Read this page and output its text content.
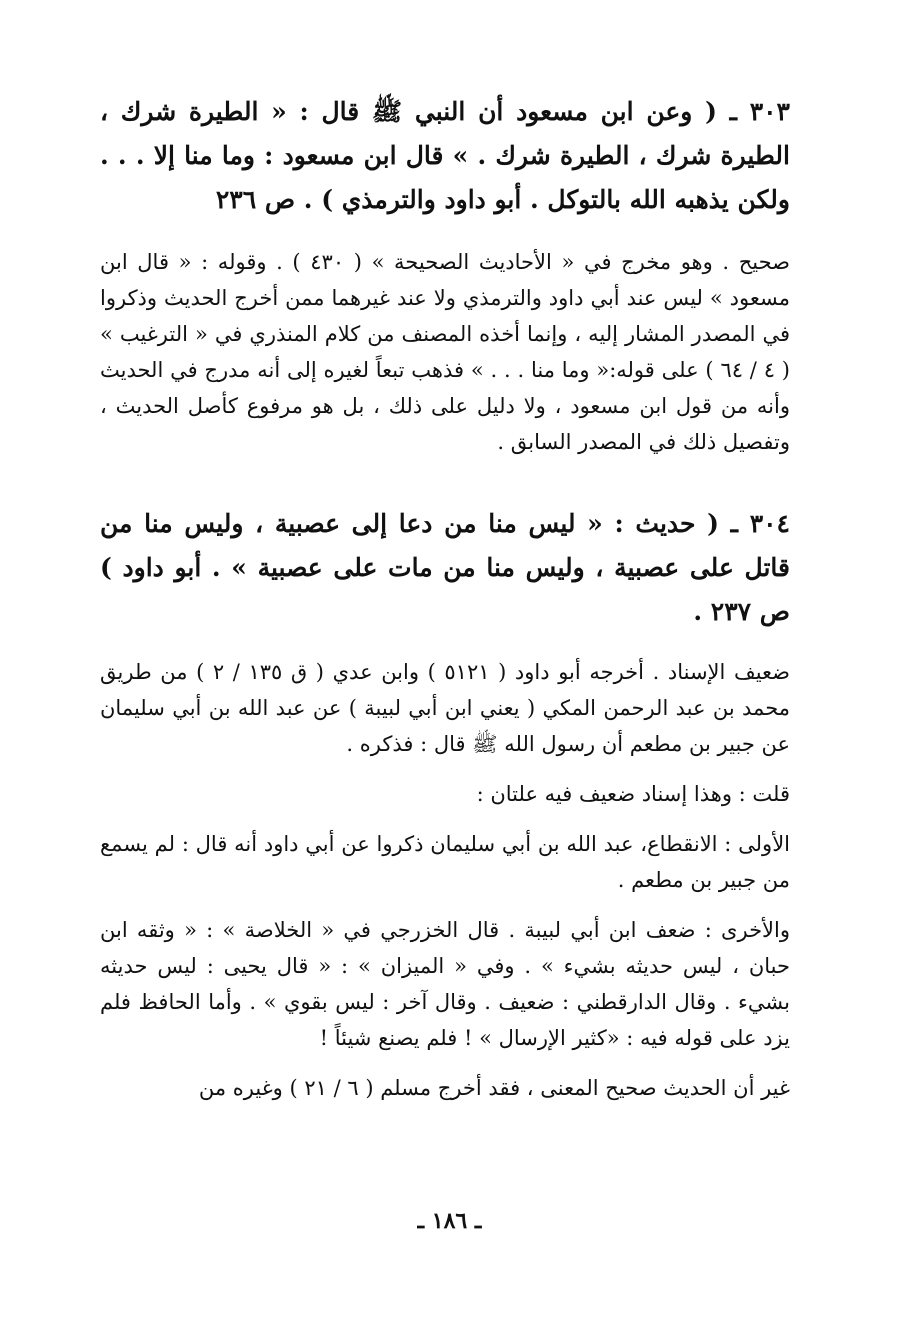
٣٠٣ ـ ( وعن ابن مسعود أن النبي ﷺ قال : « الطيرة شرك ، الطيرة شرك ، الطيرة شرك . » قال ابن مسعود : وما منا إلا . . . ولكن يذهبه الله بالتوكل . أبو داود والترمذي ) . ص ٢٣٦

صحيح . وهو مخرج في « الأحاديث الصحيحة » ( ٤٣٠ ) . وقوله : « قال ابن مسعود » ليس عند أبي داود والترمذي ولا عند غيرهما ممن أخرج الحديث وذكروا في المصدر المشار إليه ، وإنما أخذه المصنف من كلام المنذري في « الترغيب » ( ٤ / ٦٤ ) على قوله:« وما منا . . . » فذهب تبعاً لغيره إلى أنه مدرج في الحديث وأنه من قول ابن مسعود ، ولا دليل على ذلك ، بل هو مرفوع كأصل الحديث ، وتفصيل ذلك في المصدر السابق .

٣٠٤ ـ ( حديث : « ليس منا من دعا إلى عصبية ، وليس منا من قاتل على عصبية ، وليس منا من مات على عصبية » . أبو داود ) ص ٢٣٧ .

ضعيف الإسناد . أخرجه أبو داود ( ٥١٢١ ) وابن عدي ( ق ١٣٥ / ٢ ) من طريق محمد بن عبد الرحمن المكي ( يعني ابن أبي لبيبة ) عن عبد الله بن أبي سليمان عن جبير بن مطعم أن رسول الله ﷺ قال : فذكره .

قلت : وهذا إسناد ضعيف فيه علتان :

الأولى : الانقطاع، عبد الله بن أبي سليمان ذكروا عن أبي داود أنه قال : لم يسمع من جبير بن مطعم .

والأخرى : ضعف ابن أبي لبيبة . قال الخزرجي في « الخلاصة » : « وثقه ابن حبان ، ليس حديثه بشيء » . وفي « الميزان » : « قال يحيى : ليس حديثه بشيء . وقال الدارقطني : ضعيف . وقال آخر : ليس بقوي » . وأما الحافظ فلم يزد على قوله فيه : «كثير الإرسال » ! فلم يصنع شيئاً !

غير أن الحديث صحيح المعنى ، فقد أخرج مسلم ( ٦ / ٢١ ) وغيره من

ـ ١٨٦ ـ
